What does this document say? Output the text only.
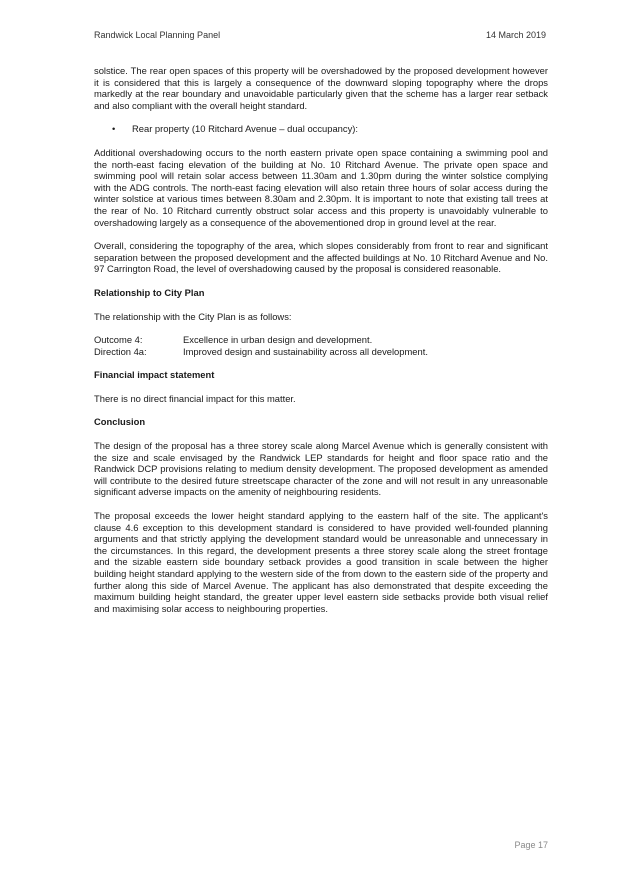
Randwick Local Planning Panel	14 March 2019

solstice. The rear open spaces of this property will be overshadowed by the proposed development however it is considered that this is largely a consequence of the downward sloping topography where the drops markedly at the rear boundary and unavoidable particularly given that the scheme has a larger rear setback and also compliant with the overall height standard.

•	Rear property (10 Ritchard Avenue – dual occupancy):

Additional overshadowing occurs to the north eastern private open space containing a swimming pool and the north-east facing elevation of the building at No. 10 Ritchard Avenue. The private open space and swimming pool will retain solar access between 11.30am and 1.30pm during the winter solstice complying with the ADG controls. The north-east facing elevation will also retain three hours of solar access during the winter solstice at various times between 8.30am and 2.30pm. It is important to note that existing tall trees at the rear of No. 10 Ritchard currently obstruct solar access and this property is unavoidably vulnerable to overshadowing largely as a consequence of the abovementioned drop in ground level at the rear.

Overall, considering the topography of the area, which slopes considerably from front to rear and significant separation between the proposed development and the affected buildings at No. 10 Ritchard Avenue and No. 97 Carrington Road, the level of overshadowing caused by the proposal is considered reasonable.

Relationship to City Plan

The relationship with the City Plan is as follows:

Outcome 4:	Excellence in urban design and development.
Direction 4a:	Improved design and sustainability across all development.
Financial impact statement

There is no direct financial impact for this matter.

Conclusion

The design of the proposal has a three storey scale along Marcel Avenue which is generally consistent with the size and scale envisaged by the Randwick LEP standards for height and floor space ratio and the Randwick DCP provisions relating to medium density development. The proposed development as amended will contribute to the desired future streetscape character of the zone and will not result in any unreasonable significant adverse impacts on the amenity of neighbouring residents.

The proposal exceeds the lower height standard applying to the eastern half of the site. The applicant's clause 4.6 exception to this development standard is considered to have provided well-founded planning arguments and that strictly applying the development standard would be unreasonable and unnecessary in the circumstances. In this regard, the development presents a three storey scale along the street frontage and the sizable eastern side boundary setback provides a good transition in scale between the higher building height standard applying to the western side of the from down to the eastern side of the property and further along this side of Marcel Avenue. The applicant has also demonstrated that despite exceeding the maximum building height standard, the greater upper level eastern side setbacks provide both visual relief and maximising solar access to neighbouring properties.

Page 17
